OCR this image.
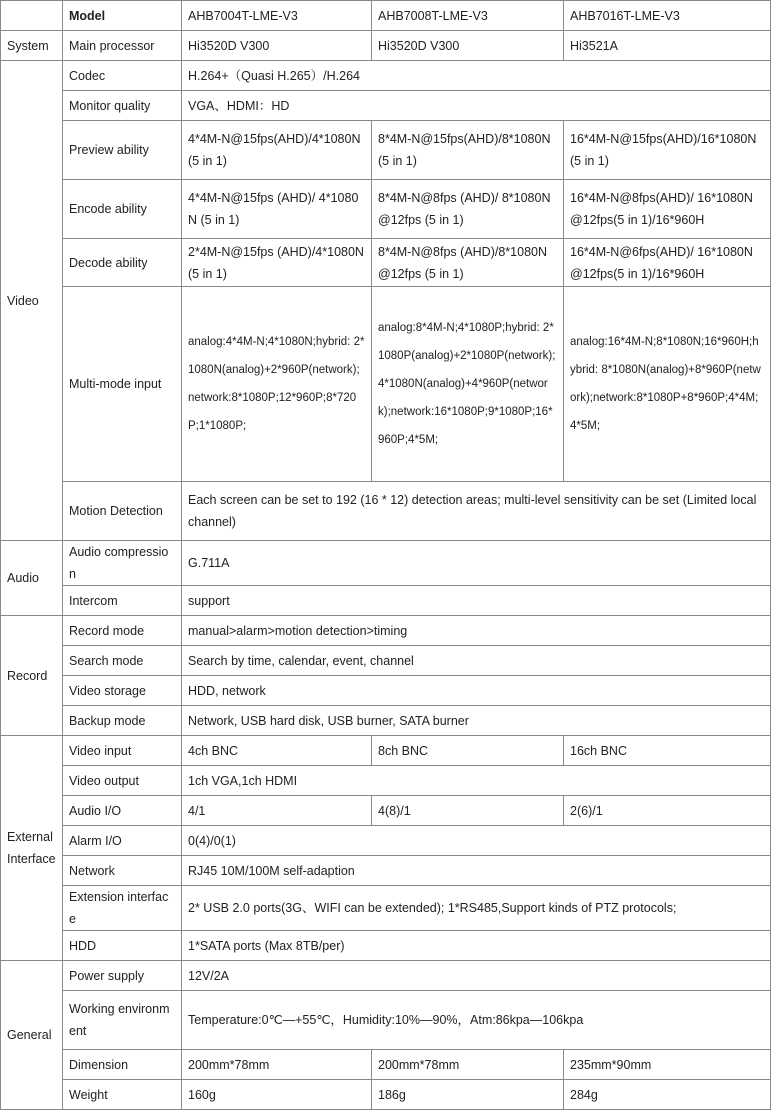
	Model	AHB7004T-LME-V3	AHB7008T-LME-V3	AHB7016T-LME-V3
System	Main processor	Hi3520D V300	Hi3520D V300	Hi3521A
Video	Codec	H.264+（Quasi H.265）/H.264		
	Monitor quality	VGA、HDMI：HD		
	Preview ability	4*4M-N@15fps(AHD)/4*1080N (5 in 1)	8*4M-N@15fps(AHD)/8*1080N (5 in 1)	16*4M-N@15fps(AHD)/16*1080N (5 in 1)
	Encode ability	4*4M-N@15fps (AHD)/ 4*1080N (5 in 1)	8*4M-N@8fps (AHD)/ 8*1080N @12fps (5 in 1)	16*4M-N@8fps(AHD)/ 16*1080N @12fps(5 in 1)/16*960H
	Decode ability	2*4M-N@15fps (AHD)/4*1080N (5 in 1)	8*4M-N@8fps (AHD)/8*1080N @12fps (5 in 1)	16*4M-N@6fps(AHD)/ 16*1080N @12fps(5 in 1)/16*960H
	Multi-mode input	analog:4*4M-N;4*1080N;hybrid: 2*1080N(analog)+2*960P(network);network:8*1080P;12*960P;8*720P;1*1080P;	analog:8*4M-N;4*1080P;hybrid: 2*1080P(analog)+2*1080P(network);4*1080N(analog)+4*960P(network);network:16*1080P;9*1080P;16*960P;4*5M;	analog:16*4M-N;8*1080N;16*960H;hybrid: 8*1080N(analog)+8*960P(network);network:8*1080P+8*960P;4*4M;4*5M;
	Motion Detection	Each screen can be set to 192 (16 * 12) detection areas; multi-level sensitivity can be set (Limited local channel)		
Audio	Audio compression	G.711A		
	Intercom	support		
Record	Record mode	manual>alarm>motion detection>timing		
	Search mode	Search by time, calendar, event, channel		
	Video storage	HDD, network		
	Backup mode	Network, USB hard disk, USB burner, SATA burner		
External Interface	Video input	4ch BNC	8ch BNC	16ch BNC
	Video output	1ch VGA,1ch HDMI		
	Audio I/O	4/1	4(8)/1	2(6)/1
	Alarm I/O	0(4)/0(1)		
	Network	RJ45 10M/100M self-adaption		
	Extension interface	2* USB 2.0 ports(3G、WIFI can be extended); 1*RS485,Support kinds of PTZ protocols;		
	HDD	1*SATA ports (Max 8TB/per)		
General	Power supply	12V/2A		
	Working environment	Temperature:0℃—+55℃，Humidity:10%—90%，Atm:86kpa—106kpa		
	Dimension	200mm*78mm	200mm*78mm	235mm*90mm
	Weight	160g	186g	284g
